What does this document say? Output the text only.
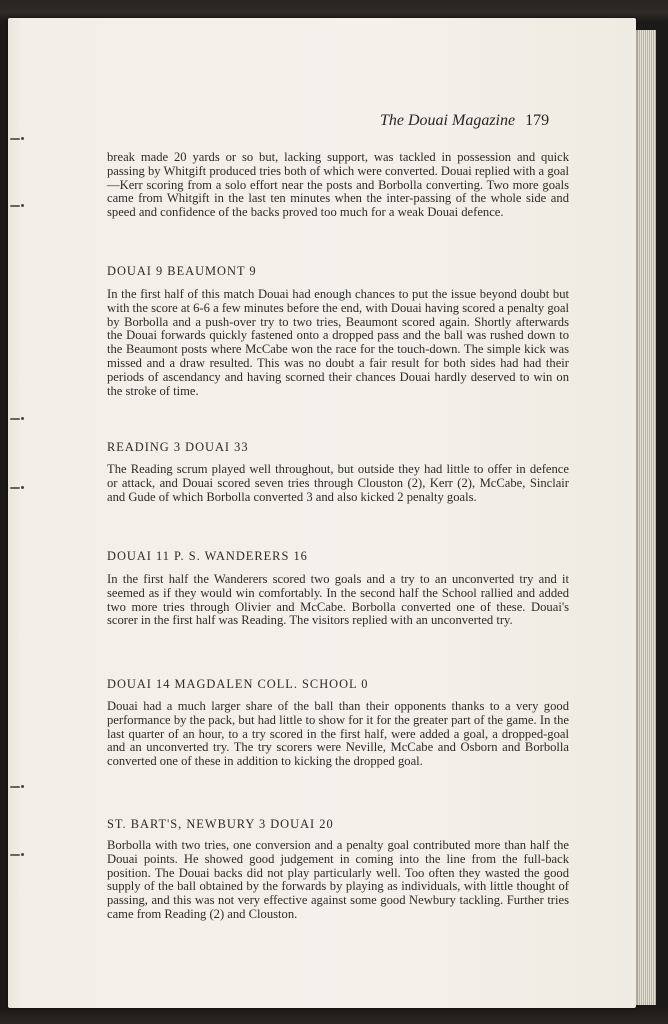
The Douai Magazine 179

break made 20 yards or so but, lacking support, was tackled in possession and quick passing by Whitgift produced tries both of which were converted. Douai replied with a goal—Kerr scoring from a solo effort near the posts and Borbolla converting. Two more goals came from Whitgift in the last ten minutes when the inter-passing of the whole side and speed and confidence of the backs proved too much for a weak Douai defence.

DOUAI 9 BEAUMONT 9

In the first half of this match Douai had enough chances to put the issue beyond doubt but with the score at 6-6 a few minutes before the end, with Douai having scored a penalty goal by Borbolla and a push-over try to two tries, Beaumont scored again. Shortly afterwards the Douai forwards quickly fastened onto a dropped pass and the ball was rushed down to the Beaumont posts where McCabe won the race for the touch-down. The simple kick was missed and a draw resulted. This was no doubt a fair result for both sides had had their periods of ascendancy and having scorned their chances Douai hardly deserved to win on the stroke of time.

READING 3 DOUAI 33

The Reading scrum played well throughout, but outside they had little to offer in defence or attack, and Douai scored seven tries through Clouston (2), Kerr (2), McCabe, Sinclair and Gude of which Borbolla converted 3 and also kicked 2 penalty goals.

DOUAI 11 P. S. WANDERERS 16

In the first half the Wanderers scored two goals and a try to an unconverted try and it seemed as if they would win comfortably. In the second half the School rallied and added two more tries through Olivier and McCabe. Borbolla converted one of these. Douai's scorer in the first half was Reading. The visitors replied with an unconverted try.

DOUAI 14 MAGDALEN COLL. SCHOOL 0

Douai had a much larger share of the ball than their opponents thanks to a very good performance by the pack, but had little to show for it for the greater part of the game. In the last quarter of an hour, to a try scored in the first half, were added a goal, a dropped-goal and an unconverted try. The try scorers were Neville, McCabe and Osborn and Borbolla converted one of these in addition to kicking the dropped goal.

ST. BART'S, NEWBURY 3 DOUAI 20

Borbolla with two tries, one conversion and a penalty goal contributed more than half the Douai points. He showed good judgement in coming into the line from the full-back position. The Douai backs did not play particularly well. Too often they wasted the good supply of the ball obtained by the forwards by playing as individuals, with little thought of passing, and this was not very effective against some good Newbury tackling. Further tries came from Reading (2) and Clouston.
